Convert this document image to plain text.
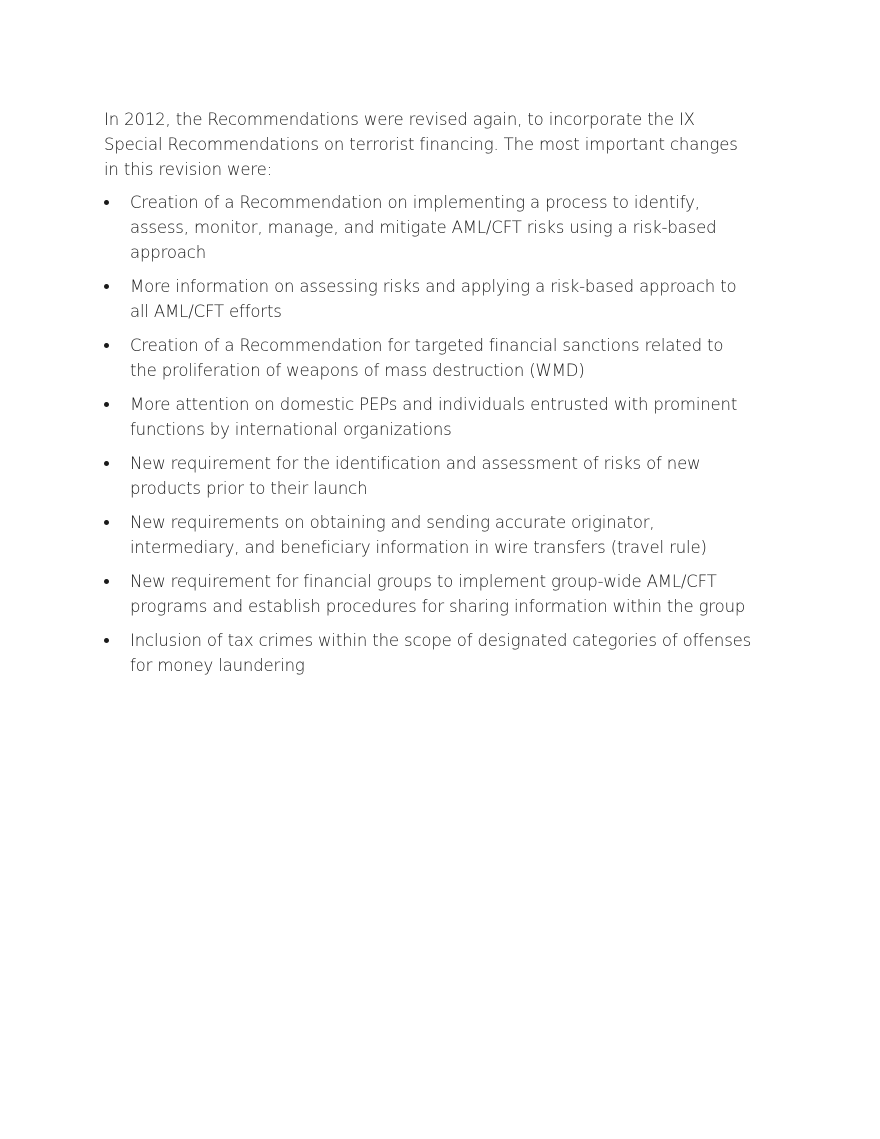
In 2012, the Recommendations were revised again, to incorporate the IX Special Recommendations on terrorist financing. The most important changes in this revision were:

Creation of a Recommendation on implementing a process to identify, assess, monitor, manage, and mitigate AML/CFT risks using a risk-based approach
More information on assessing risks and applying a risk-based approach to all AML/CFT efforts
Creation of a Recommendation for targeted financial sanctions related to the proliferation of weapons of mass destruction (WMD)
More attention on domestic PEPs and individuals entrusted with prominent functions by international organizations
New requirement for the identification and assessment of risks of new products prior to their launch
New requirements on obtaining and sending accurate originator, intermediary, and beneficiary information in wire transfers (travel rule)
New requirement for financial groups to implement group-wide AML/CFT programs and establish procedures for sharing information within the group
Inclusion of tax crimes within the scope of designated categories of offenses for money laundering
